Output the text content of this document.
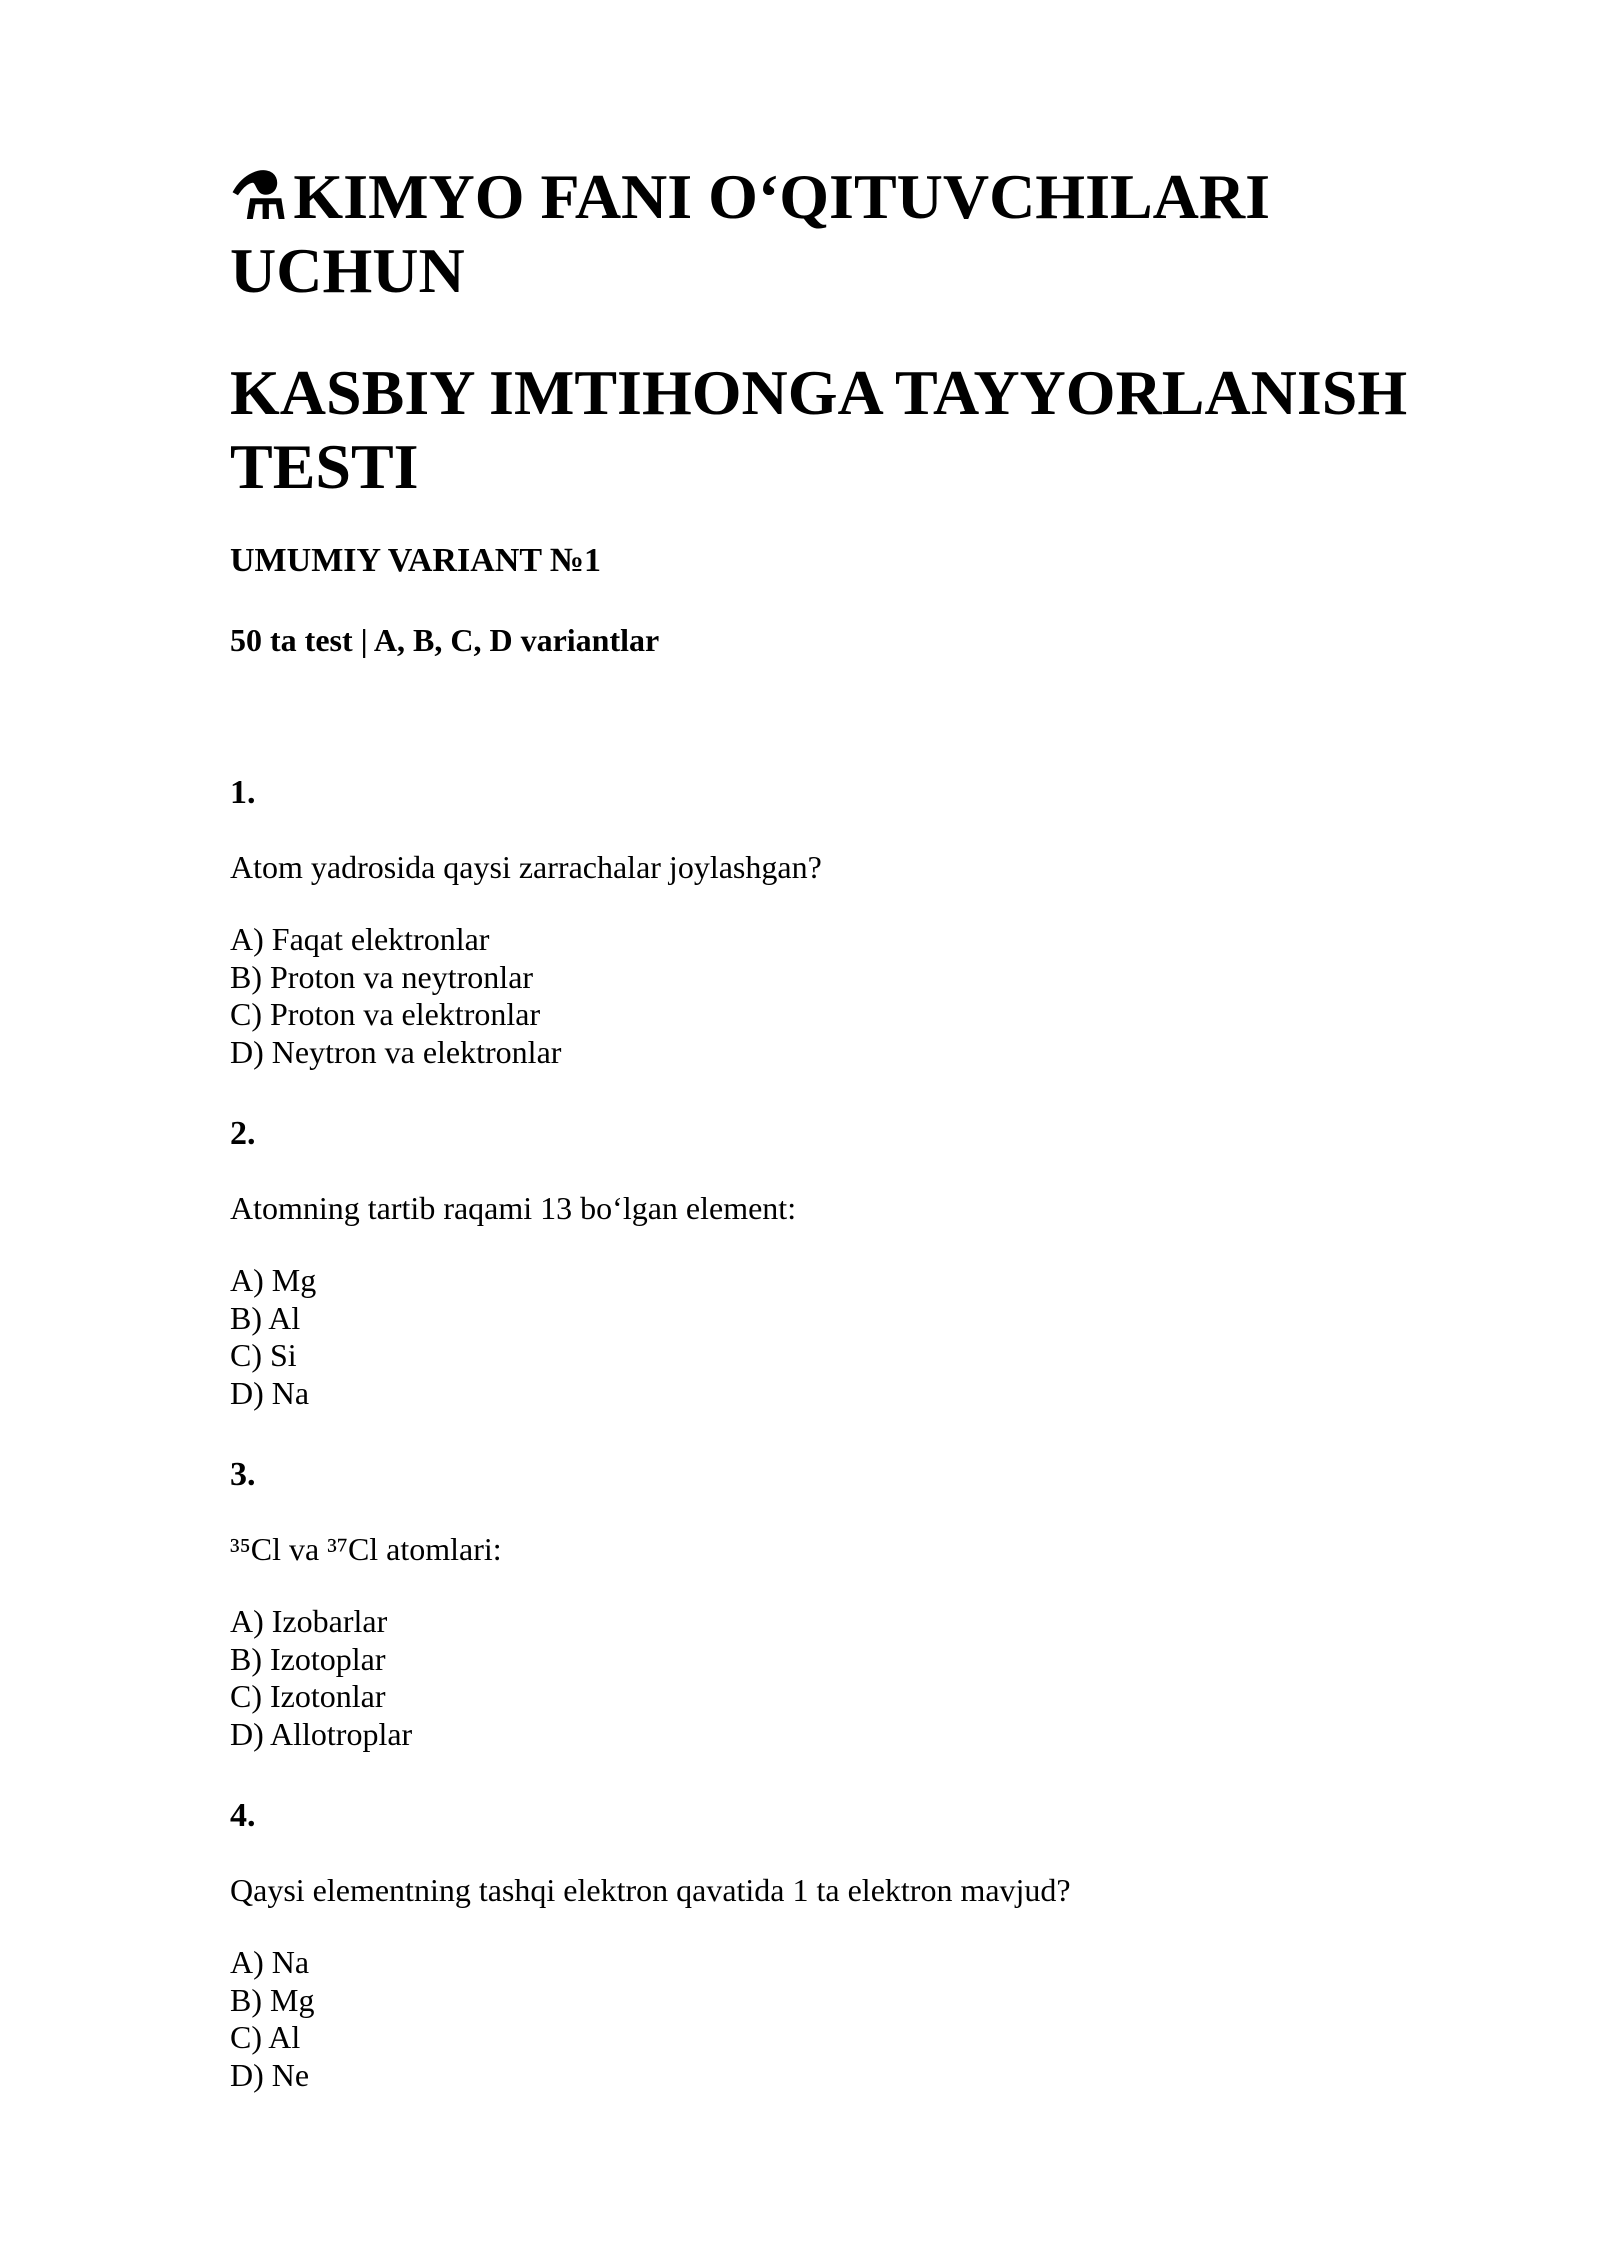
⚗KIMYO FANI O‘QITUVCHILARI UCHUN
KASBIY IMTIHONGA TAYYORLANISH TESTI
UMUMIY VARIANT №1
50 ta test | A, B, C, D variantlar
1.
Atom yadrosida qaysi zarrachalar joylashgan?
A) Faqat elektronlar
B) Proton va neytronlar
C) Proton va elektronlar
D) Neytron va elektronlar
2.
Atomning tartib raqami 13 bo‘lgan element:
A) Mg
B) Al
C) Si
D) Na
3.
³⁵Cl va ³⁷Cl atomlari:
A) Izobarlar
B) Izotoplar
C) Izotonlar
D) Allotroplar
4.
Qaysi elementning tashqi elektron qavatida 1 ta elektron mavjud?
A) Na
B) Mg
C) Al
D) Ne
